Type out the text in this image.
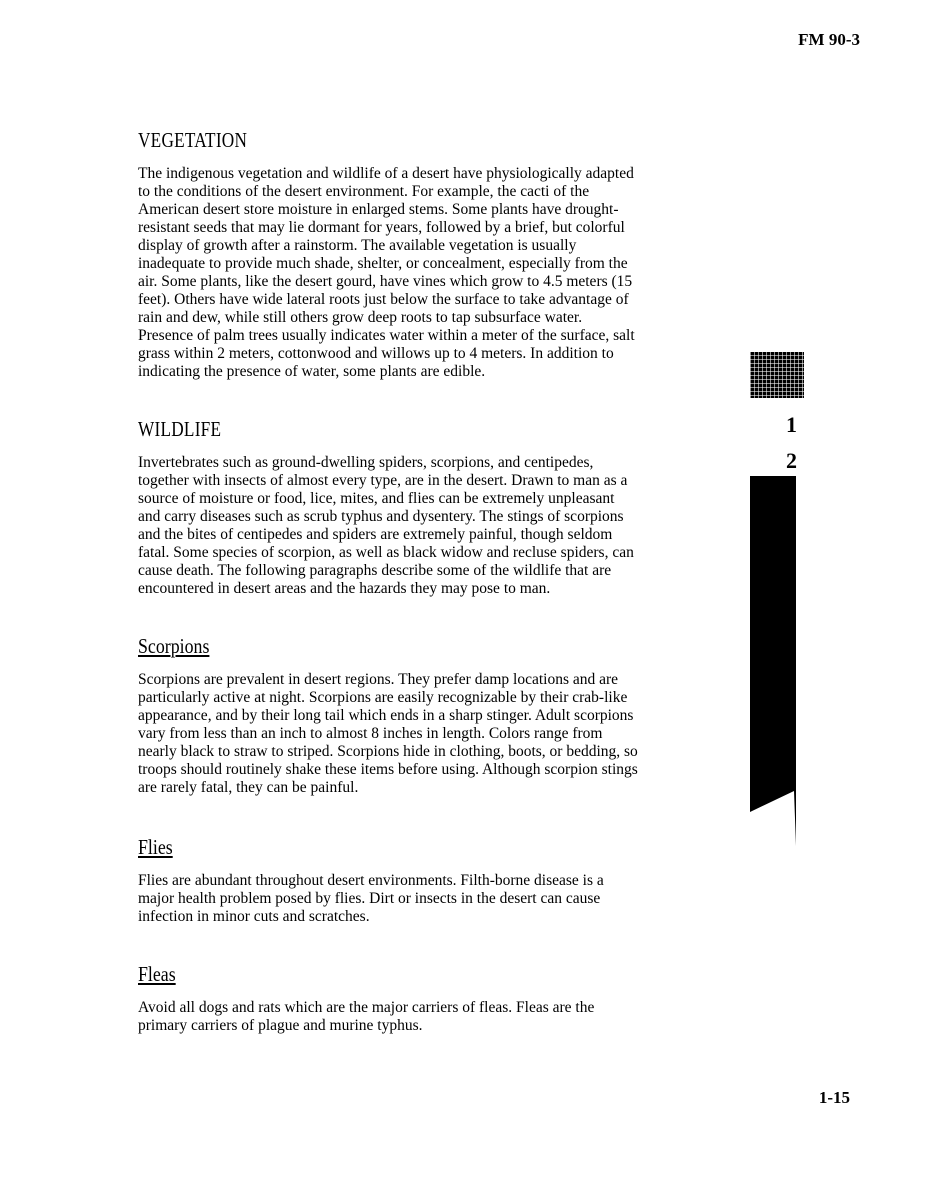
FM 90-3
1
2
VEGETATION

The indigenous vegetation and wildlife of a desert have physiologically adapted to the conditions of the desert environment. For example, the cacti of the American desert store moisture in enlarged stems. Some plants have drought-resistant seeds that may lie dormant for years, followed by a brief, but colorful display of growth after a rainstorm. The available vegetation is usually inadequate to provide much shade, shelter, or concealment, especially from the air. Some plants, like the desert gourd, have vines which grow to 4.5 meters (15 feet). Others have wide lateral roots just below the surface to take advantage of rain and dew, while still others grow deep roots to tap subsurface water. Presence of palm trees usually indicates water within a meter of the surface, salt grass within 2 meters, cottonwood and willows up to 4 meters. In addition to indicating the presence of water, some plants are edible.

WILDLIFE

Invertebrates such as ground-dwelling spiders, scorpions, and centipedes, together with insects of almost every type, are in the desert. Drawn to man as a source of moisture or food, lice, mites, and flies can be extremely unpleasant and carry diseases such as scrub typhus and dysentery. The stings of scorpions and the bites of centipedes and spiders are extremely painful, though seldom fatal. Some species of scorpion, as well as black widow and recluse spiders, can cause death. The following paragraphs describe some of the wildlife that are encountered in desert areas and the hazards they may pose to man.

Scorpions

Scorpions are prevalent in desert regions. They prefer damp locations and are particularly active at night. Scorpions are easily recognizable by their crab-like appearance, and by their long tail which ends in a sharp stinger. Adult scorpions vary from less than an inch to almost 8 inches in length. Colors range from nearly black to straw to striped. Scorpions hide in clothing, boots, or bedding, so troops should routinely shake these items before using. Although scorpion stings are rarely fatal, they can be painful.

Flies

Flies are abundant throughout desert environments. Filth-borne disease is a major health problem posed by flies. Dirt or insects in the desert can cause infection in minor cuts and scratches.

Fleas

Avoid all dogs and rats which are the major carriers of fleas. Fleas are the primary carriers of plague and murine typhus.

1-15
